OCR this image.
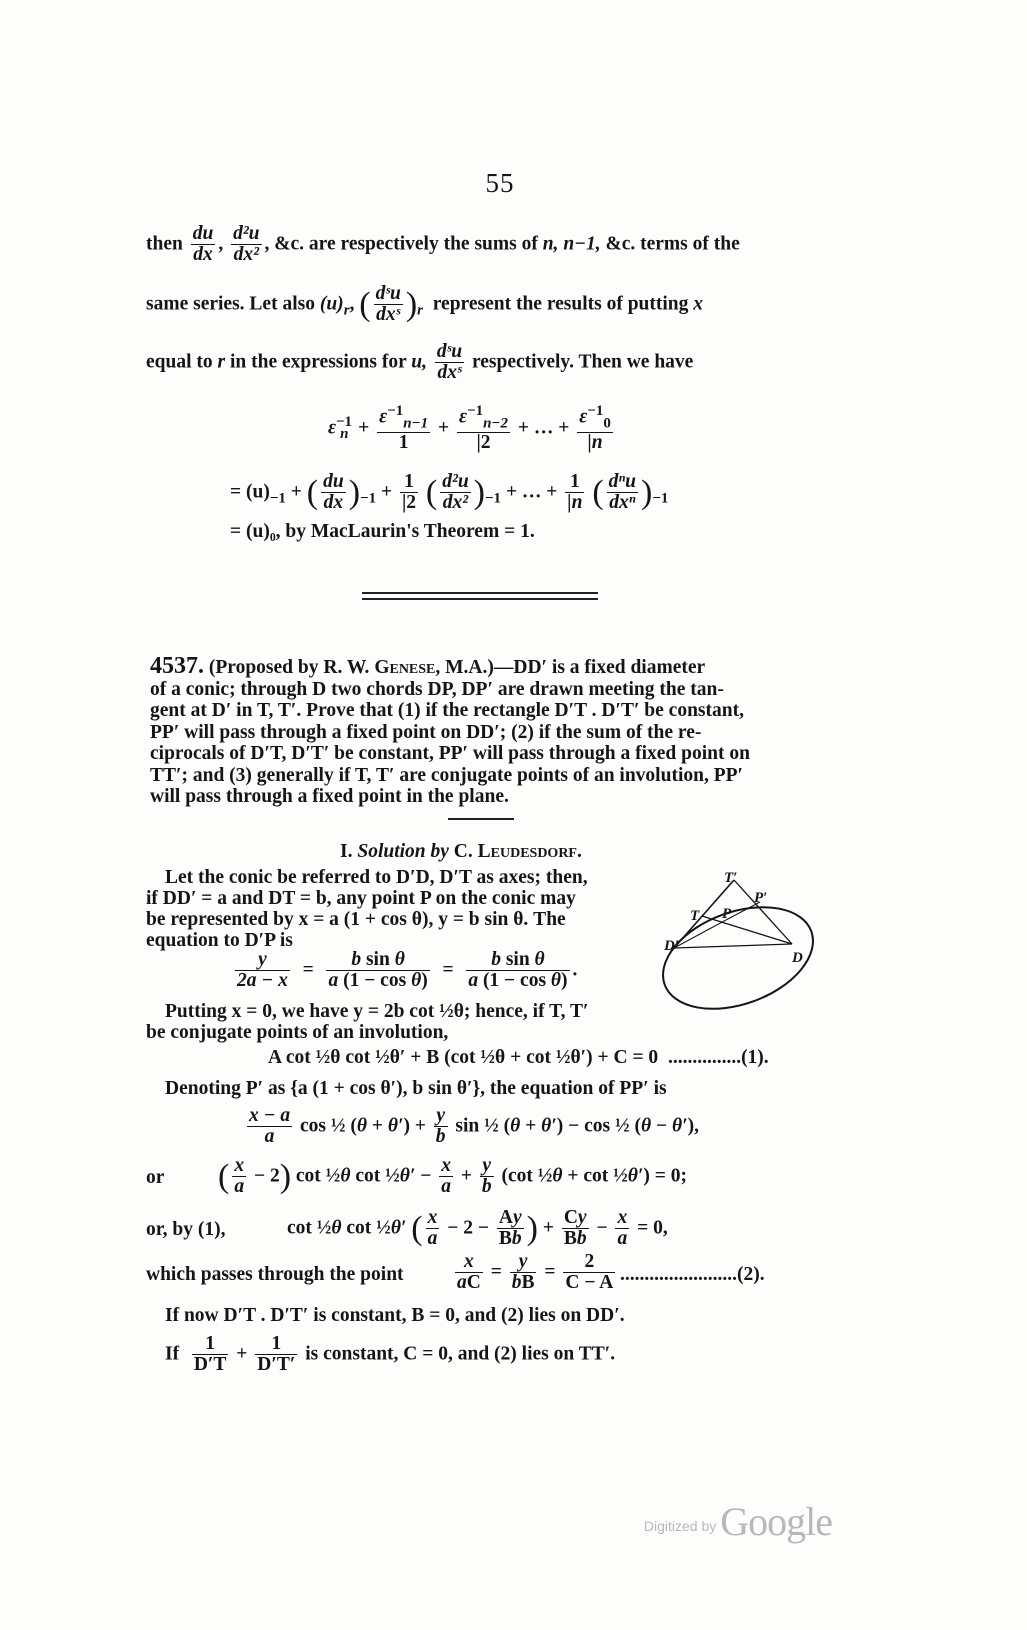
55
then $\frac{du}{dx}$ , $\frac{\text{d²u}}{\text{dx²}}$ , &c. are respectively the sums of n, n−1, &c. terms of the
same series. Let also $(u)_r$, ( $\frac{\text{dˢu}}{\text{dxˢ}} )_r$ represent the results of putting x
equal to r in the expressions for u, $\frac{\text{dˢu}}{\text{dxˢ}}$ respectively. Then we have
$\varepsilon^{-1}_n + \frac{\varepsilon^{-1}_{n-1}}{1} + \frac{\varepsilon^{-1}_{n-2}}{|2}$ + … + $\frac{\varepsilon^{-1}_0}{|n}$
= $(u)_{-1}$ + ( $\frac{du}{dx} )_{-1} + \frac{1}{|2}$ ( $\frac{\text{d²u}}{\text{dx²}} )_{-1}$ + … + $\frac{1}{|n}$ ( $\frac{\text{dⁿu}}{\text{dxⁿ}} )_{-1}$
= (u)₀, by MacLaurin's Theorem = 1.
4537. (Proposed by R. W. Genese, M.A.)—DD′ is a fixed diameter
of a conic; through D two chords DP, DP′ are drawn meeting the tan-
gent at D′ in T, T′. Prove that (1) if the rectangle D′T . D′T′ be constant,
PP′ will pass through a fixed point on DD′; (2) if the sum of the re-
ciprocals of D′T, D′T′ be constant, PP′ will pass through a fixed point on
TT′; and (3) generally if T, T′ are conjugate points of an involution, PP′
will pass through a fixed point in the plane.
I. Solution by C. Leudesdorf.
Let the conic be referred to D′D, D′T as axes; then,
if DD′ = a and DT = b, any point P on the conic may
be represented by x = a (1 + cos θ), y = b sin θ. The
equation to D′P is
$\frac{y}{2a - x} = \frac{\text{b sin θ}}{\text{a (1 − cos θ)}} = \frac{\text{b sin θ}}{\text{a (1 − cos θ)}}$ .
Putting x = 0, we have y = 2b cot ½θ; hence, if T, T′
be conjugate points of an involution,
A cot ½θ cot ½θ′ + B (cot ½θ + cot ½θ′) + C = 0 ...............(1).
Denoting P′ as {a (1 + cos θ′), b sin θ′}, the equation of PP′ is
$\frac{x - a}{a}$ cos ½ $(\theta + \theta') + \frac{y}{b}$ sin ½ (θ + θ′) − cos ½ (θ − θ′),
or ( $\frac{x}{a} - 2$) cot ½θ cot ½θ′ − $\frac{x}{a} + \frac{y}{b} (\cot$ ½θ + cot ½θ′) = 0;
or, by (1),	cot ½θ cot ½θ′ ( $\frac{x}{a} - 2 - \frac{Ay}{Bb}$ ) + $\frac{Cy}{Bb} - \frac{x}{a} = 0$,
which passes through the point	$\frac{x}{aC} = \frac{y}{bB} = \frac{2}{C - A} ........................(2)$.
If now D′T . D′T′ is constant, B = 0, and (2) lies on DD′.
If $\frac{1}{D'T} + \frac{1}{D'T'}$ is constant, C = 0, and (2) lies on TT′.
T′
T
P′
P
D′
D
Digitized by Google
